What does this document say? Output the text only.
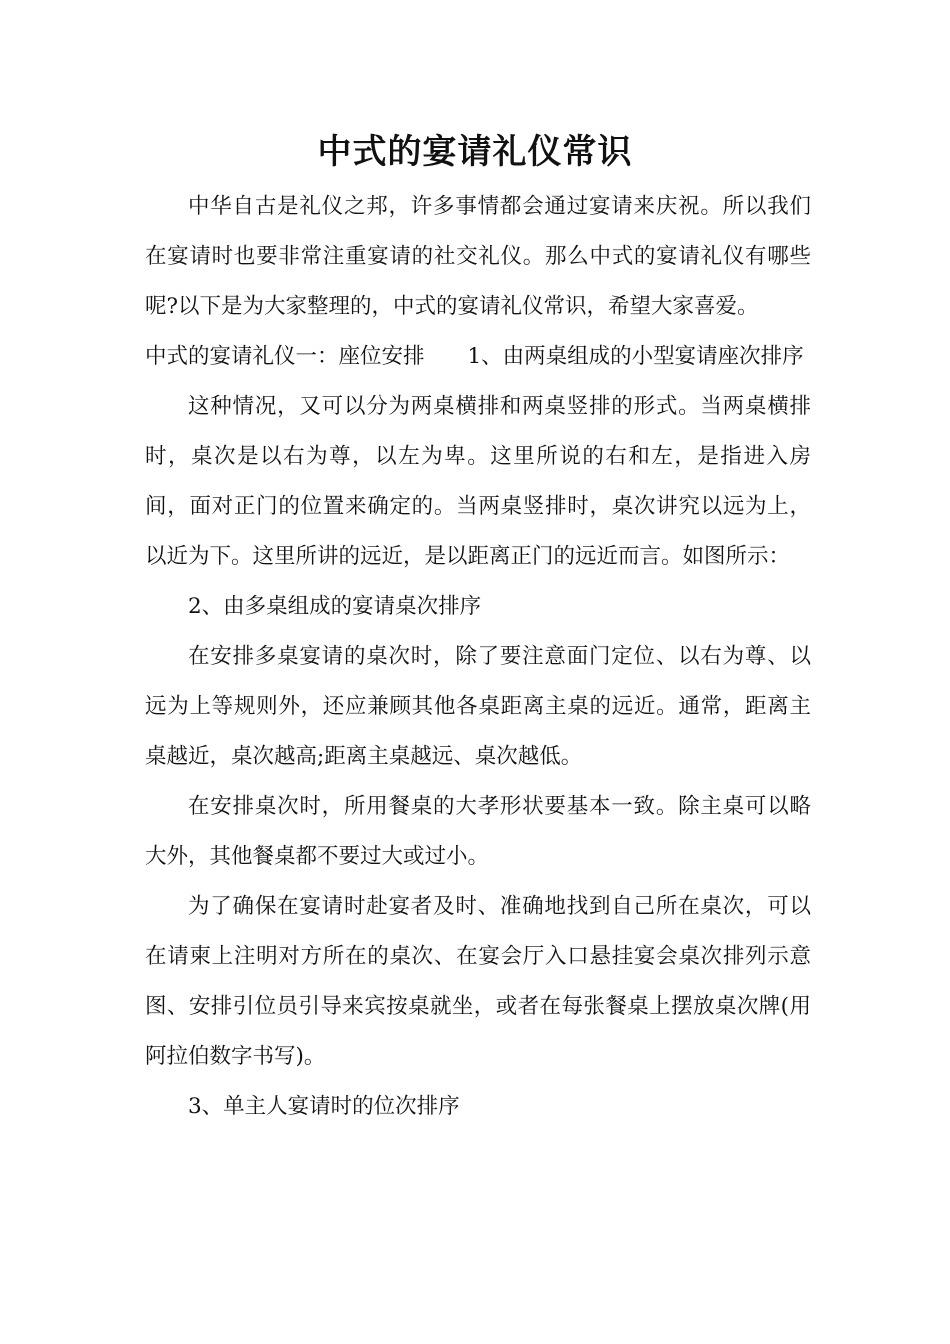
中式的宴请礼仪常识

中华自古是礼仪之邦，许多事情都会通过宴请来庆祝。所以我们在宴请时也要非常注重宴请的社交礼仪。那么中式的宴请礼仪有哪些呢?以下是为大家整理的，中式的宴请礼仪常识，希望大家喜爱。

中式的宴请礼仪一：座位安排　　1、由两桌组成的小型宴请座次排序

这种情况，又可以分为两桌横排和两桌竖排的形式。当两桌横排时，桌次是以右为尊，以左为卑。这里所说的右和左，是指进入房间，面对正门的位置来确定的。当两桌竖排时，桌次讲究以远为上，以近为下。这里所讲的远近，是以距离正门的远近而言。如图所示：

2、由多桌组成的宴请桌次排序

在安排多桌宴请的桌次时，除了要注意面门定位、以右为尊、以远为上等规则外，还应兼顾其他各桌距离主桌的远近。通常，距离主桌越近，桌次越高;距离主桌越远、桌次越低。

在安排桌次时，所用餐桌的大孝形状要基本一致。除主桌可以略大外，其他餐桌都不要过大或过小。

为了确保在宴请时赴宴者及时、准确地找到自己所在桌次，可以在请柬上注明对方所在的桌次、在宴会厅入口悬挂宴会桌次排列示意图、安排引位员引导来宾按桌就坐，或者在每张餐桌上摆放桌次牌(用阿拉伯数字书写)。

3、单主人宴请时的位次排序
